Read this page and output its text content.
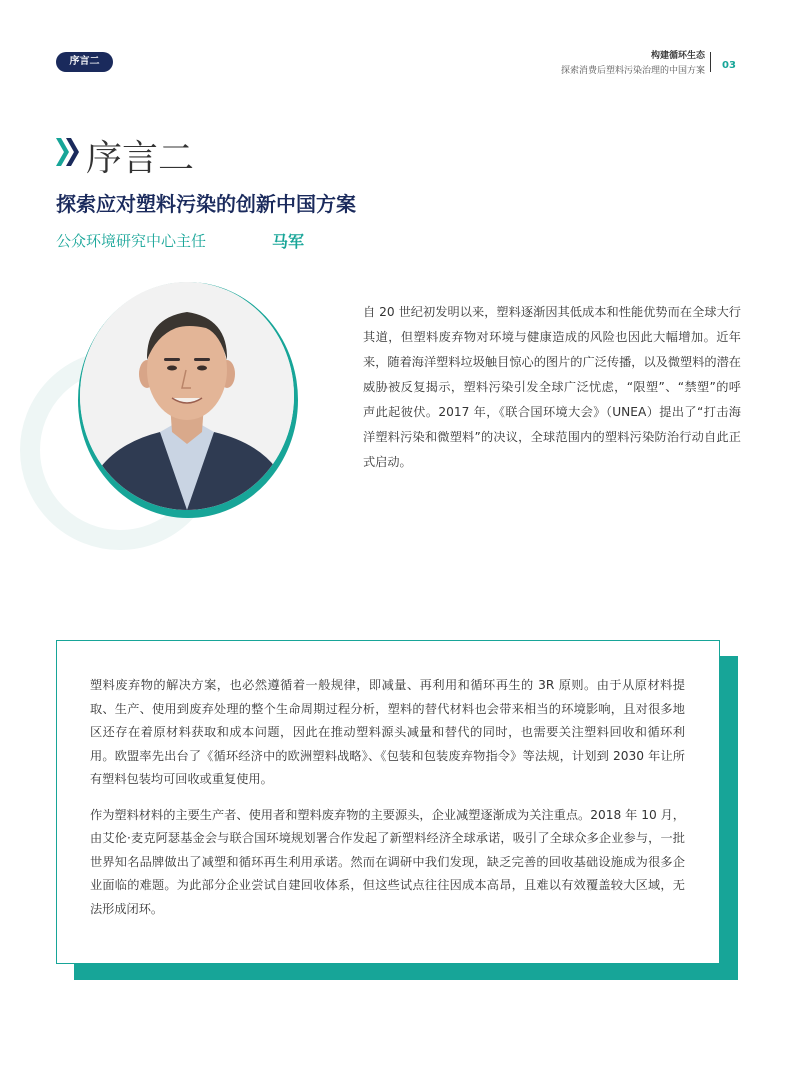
序言二	构建循环生态
探索消费后塑料污染治理的中国方案 03
序言二
探索应对塑料污染的创新中国方案
公众环境研究中心主任	马军
自 20 世纪初发明以来，塑料逐渐因其低成本和性能优势而在全球大行其道，但塑料废弃物对环境与健康造成的风险也因此大幅增加。近年来，随着海洋塑料垃圾触目惊心的图片的广泛传播，以及微塑料的潜在威胁被反复揭示，塑料污染引发全球广泛忧虑，“限塑”、“禁塑”的呼声此起彼伏。2017 年，《联合国环境大会》（UNEA）提出了“打击海洋塑料污染和微塑料”的决议，全球范围内的塑料污染防治行动自此正式启动。

塑料废弃物的解决方案，也必然遵循着一般规律，即减量、再利用和循环再生的 3R 原则。由于从原材料提取、生产、使用到废弃处理的整个生命周期过程分析，塑料的替代材料也会带来相当的环境影响，且对很多地区还存在着原材料获取和成本问题，因此在推动塑料源头减量和替代的同时，也需要关注塑料回收和循环利用。欧盟率先出台了《循环经济中的欧洲塑料战略》、《包装和包装废弃物指令》等法规，计划到 2030 年让所有塑料包装均可回收或重复使用。

作为塑料材料的主要生产者、使用者和塑料废弃物的主要源头，企业减塑逐渐成为关注重点。2018 年 10 月，由艾伦·麦克阿瑟基金会与联合国环境规划署合作发起了新塑料经济全球承诺，吸引了全球众多企业参与，一批世界知名品牌做出了减塑和循环再生利用承诺。然而在调研中我们发现，缺乏完善的回收基础设施成为很多企业面临的难题。为此部分企业尝试自建回收体系，但这些试点往往因成本高昂，且难以有效覆盖较大区域，无法形成闭环。
